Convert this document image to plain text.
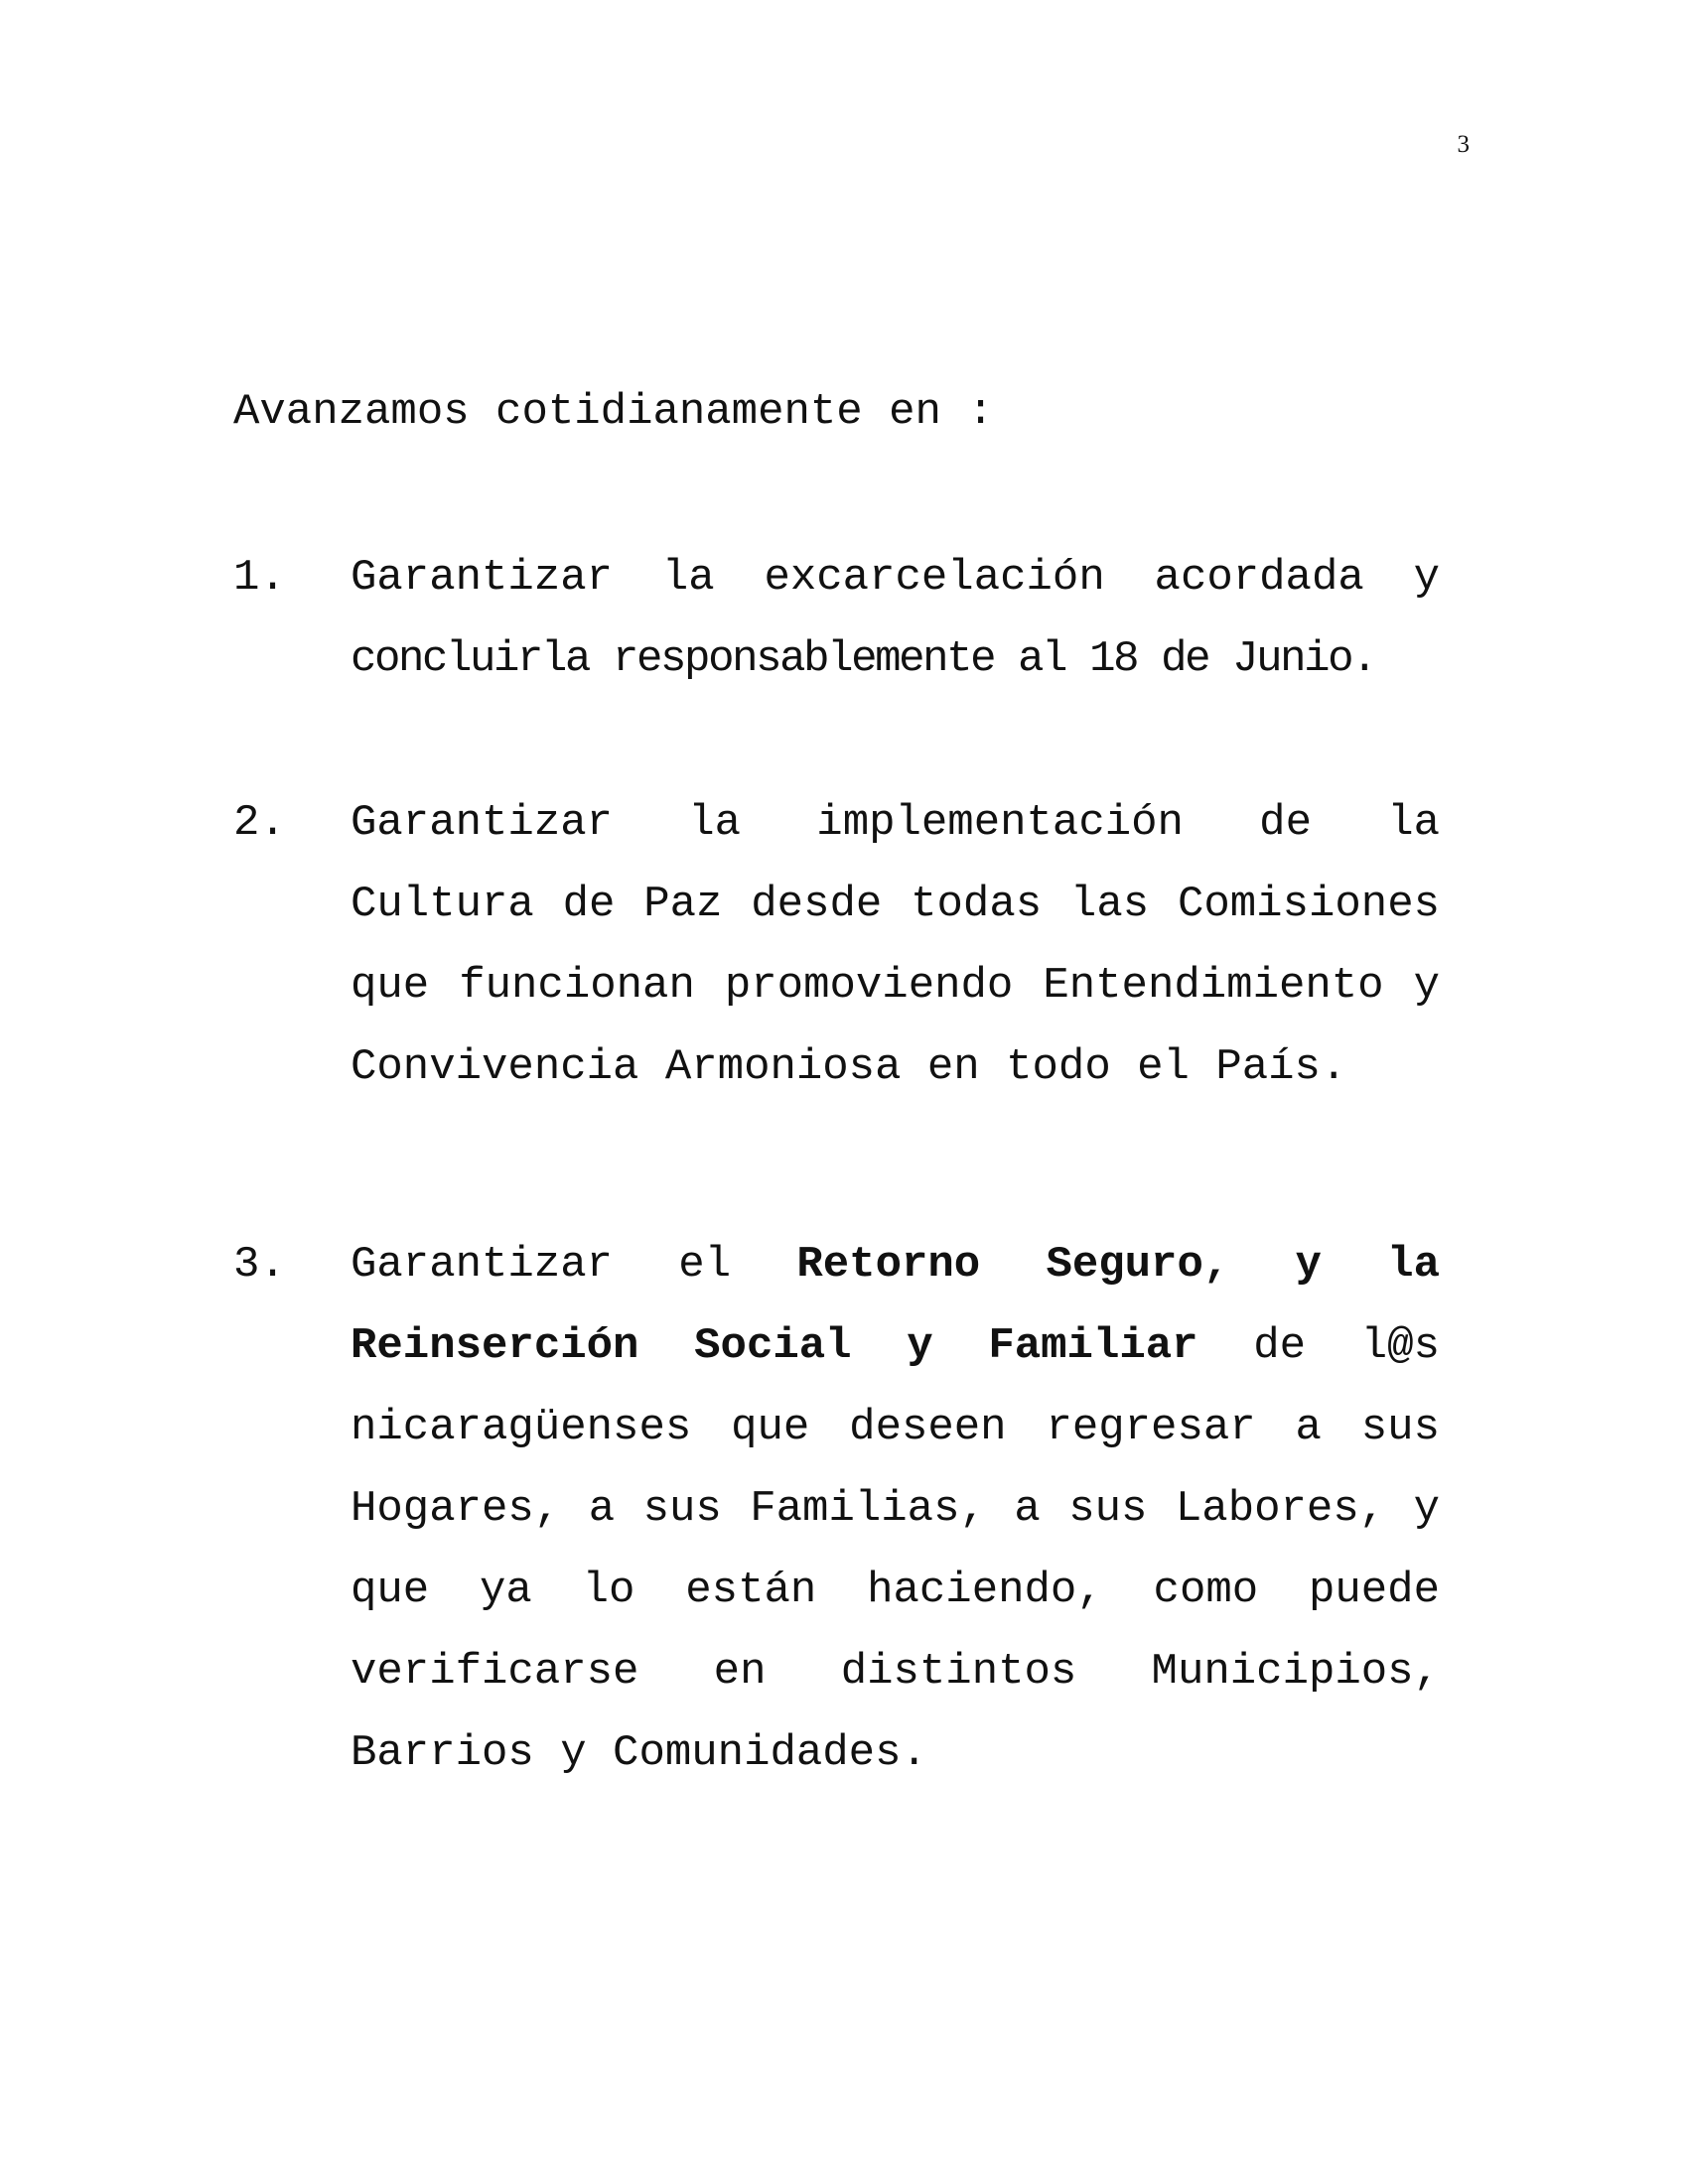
3

Avanzamos cotidianamente en :

1.	Garantizar la excarcelación acordada y
concluirla responsablemente al 18 de Junio.
2.	Garantizar la implementación de la Cultura de Paz desde todas las Comisiones que funcionan promoviendo Entendimiento y Convivencia Armoniosa en todo el País.
3.	Garantizar el Retorno Seguro, y la Reinserción Social y Familiar de l@s nicaragüenses que deseen regresar a sus Hogares, a sus Familias, a sus Labores, y que ya lo están haciendo, como puede verificarse en distintos Municipios, Barrios y Comunidades.
